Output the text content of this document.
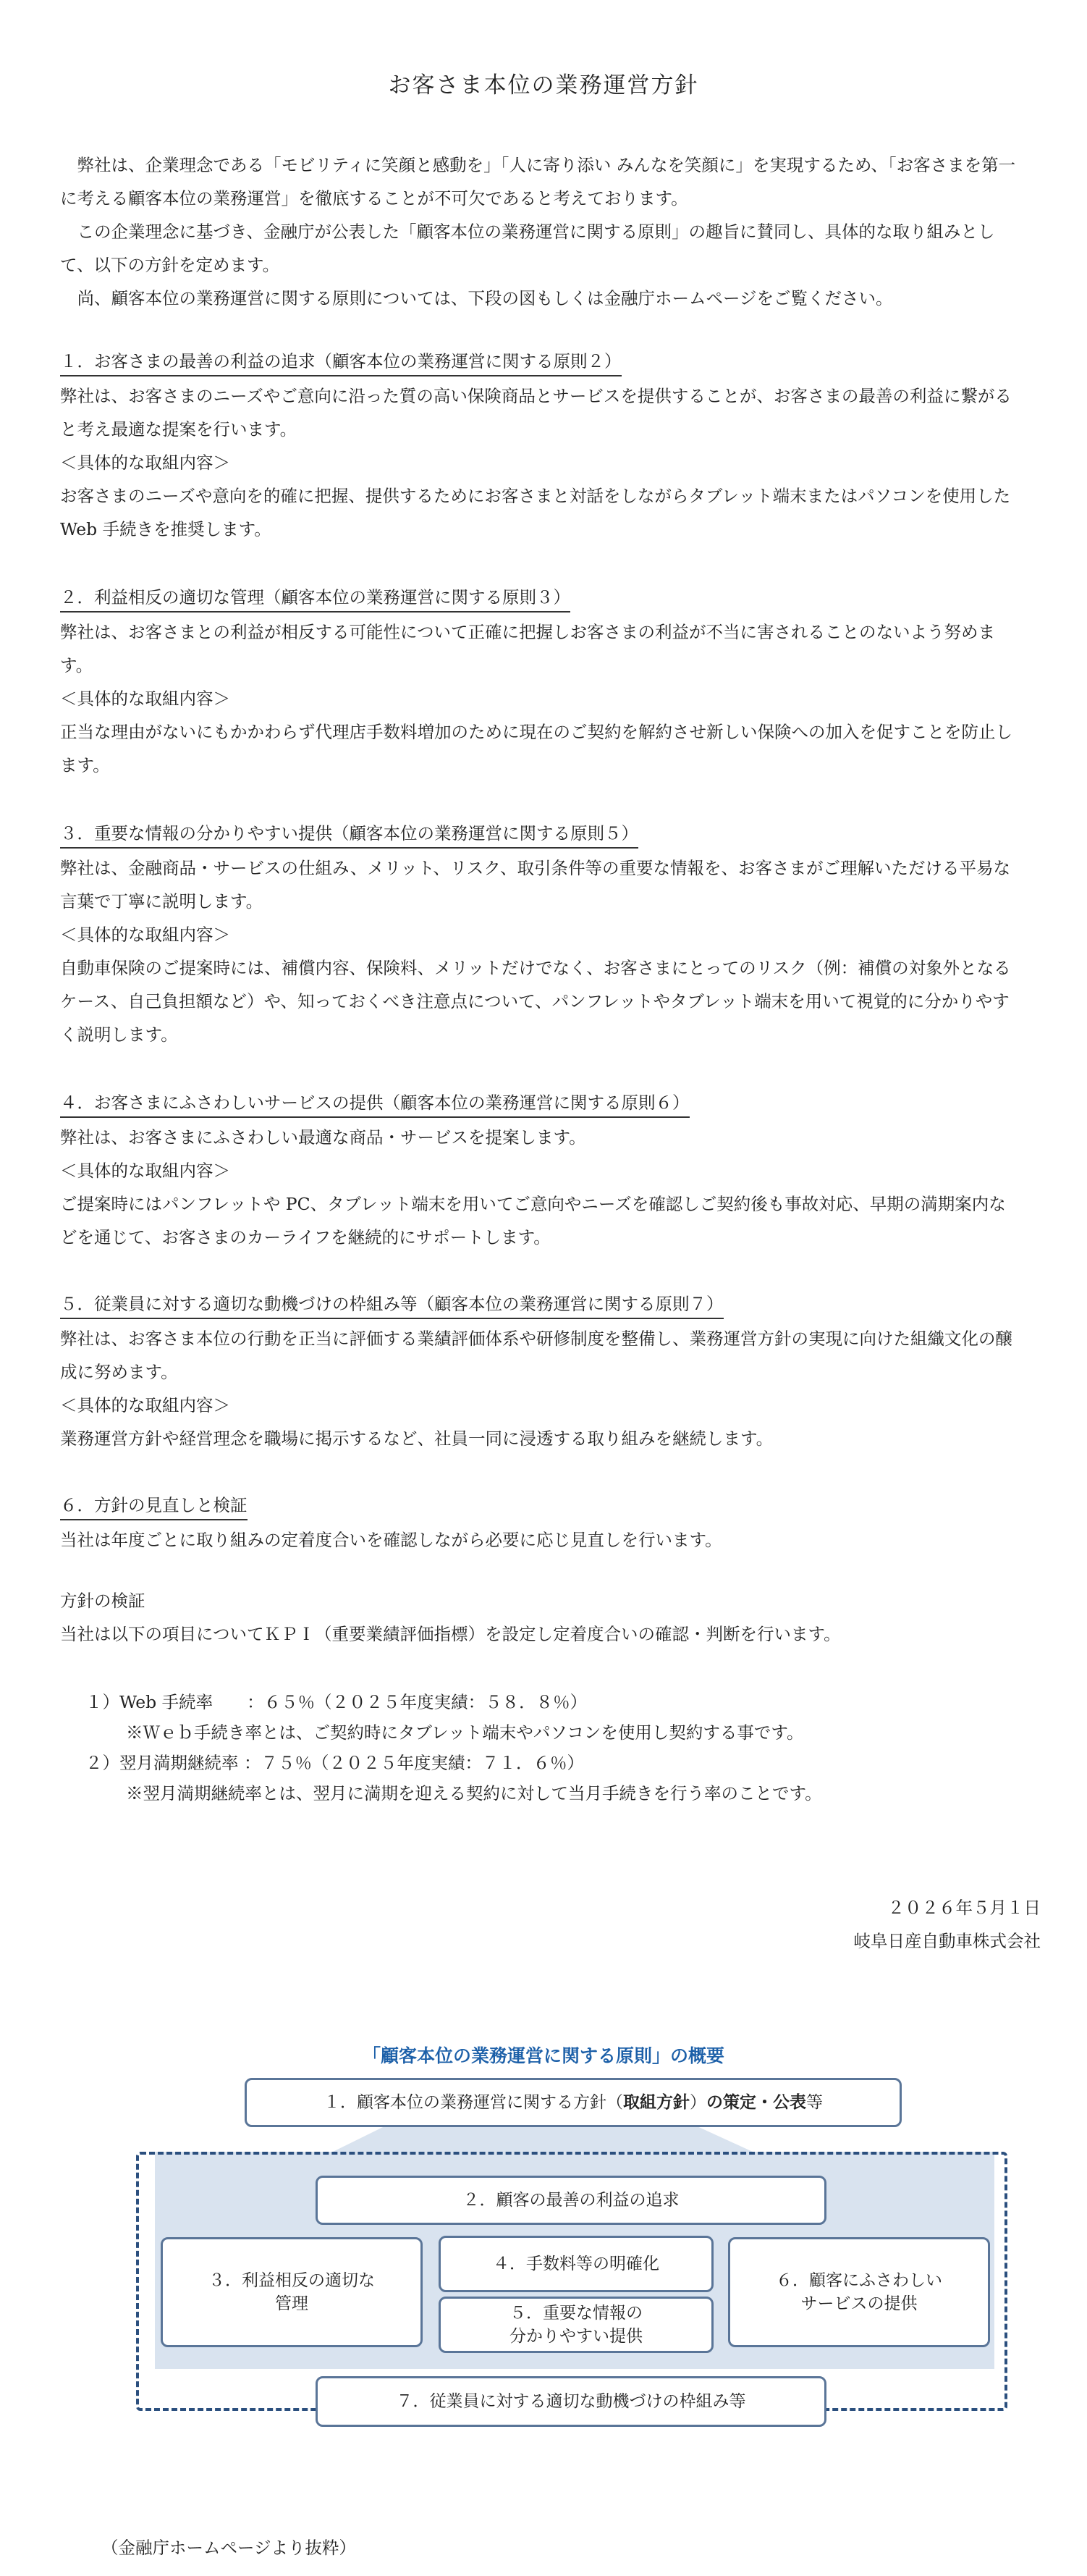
お客さま本位の業務運営方針

弊社は、企業理念である「モビリティに笑顔と感動を」「人に寄り添い みんなを笑顔に」を実現するため、「お客さまを第一に考える顧客本位の業務運営」を徹底することが不可欠であると考えております。

この企業理念に基づき、金融庁が公表した「顧客本位の業務運営に関する原則」の趣旨に賛同し、具体的な取り組みとして、以下の方針を定めます。

尚、顧客本位の業務運営に関する原則については、下段の図もしくは金融庁ホームページをご覧ください。

１．お客さまの最善の利益の追求（顧客本位の業務運営に関する原則２）

弊社は、お客さまのニーズやご意向に沿った質の高い保険商品とサービスを提供することが、お客さまの最善の利益に繋がると考え最適な提案を行います。

＜具体的な取組内容＞

お客さまのニーズや意向を的確に把握、提供するためにお客さまと対話をしながらタブレット端末またはパソコンを使用した Web 手続きを推奨します。

２．利益相反の適切な管理（顧客本位の業務運営に関する原則３）

弊社は、お客さまとの利益が相反する可能性について正確に把握しお客さまの利益が不当に害されることのないよう努めます。

＜具体的な取組内容＞

正当な理由がないにもかかわらず代理店手数料増加のために現在のご契約を解約させ新しい保険への加入を促すことを防止します。

３．重要な情報の分かりやすい提供（顧客本位の業務運営に関する原則５）

弊社は、金融商品・サービスの仕組み、メリット、リスク、取引条件等の重要な情報を、お客さまがご理解いただける平易な言葉で丁寧に説明します。

＜具体的な取組内容＞

自動車保険のご提案時には、補償内容、保険料、メリットだけでなく、お客さまにとってのリスク（例：補償の対象外となるケース、自己負担額など）や、知っておくべき注意点について、パンフレットやタブレット端末を用いて視覚的に分かりやすく説明します。

４．お客さまにふさわしいサービスの提供（顧客本位の業務運営に関する原則６）

弊社は、お客さまにふさわしい最適な商品・サービスを提案します。

＜具体的な取組内容＞

ご提案時にはパンフレットや PC、タブレット端末を用いてご意向やニーズを確認しご契約後も事故対応、早期の満期案内などを通じて、お客さまのカーライフを継続的にサポートします。

５．従業員に対する適切な動機づけの枠組み等（顧客本位の業務運営に関する原則７）

弊社は、お客さま本位の行動を正当に評価する業績評価体系や研修制度を整備し、業務運営方針の実現に向けた組織文化の醸成に努めます。

＜具体的な取組内容＞

業務運営方針や経営理念を職場に掲示するなど、社員一同に浸透する取り組みを継続します。

６．方針の見直しと検証

当社は年度ごとに取り組みの定着度合いを確認しながら必要に応じ見直しを行います。

方針の検証

当社は以下の項目についてＫＰＩ（重要業績評価指標）を設定し定着度合いの確認・判断を行います。

１）Web 手続率　　：６５％（２０２５年度実績：５８．８％）

※Ｗｅｂ手続き率とは、ご契約時にタブレット端末やパソコンを使用し契約する事です。

２）翌月満期継続率 ：７５％（２０２５年度実績：７１．６％）

※翌月満期継続率とは、翌月に満期を迎える契約に対して当月手続きを行う率のことです。

２０２６年５月１日

岐阜日産自動車株式会社

「顧客本位の業務運営に関する原則」の概要
１．顧客本位の業務運営に関する方針（取組方針）の策定・公表等
２．顧客の最善の利益の追求
３．利益相反の適切な
管理
４．手数料等の明確化
５．重要な情報の
分かりやすい提供
６．顧客にふさわしい
サービスの提供
７．従業員に対する適切な動機づけの枠組み等
（金融庁ホームページより抜粋）
